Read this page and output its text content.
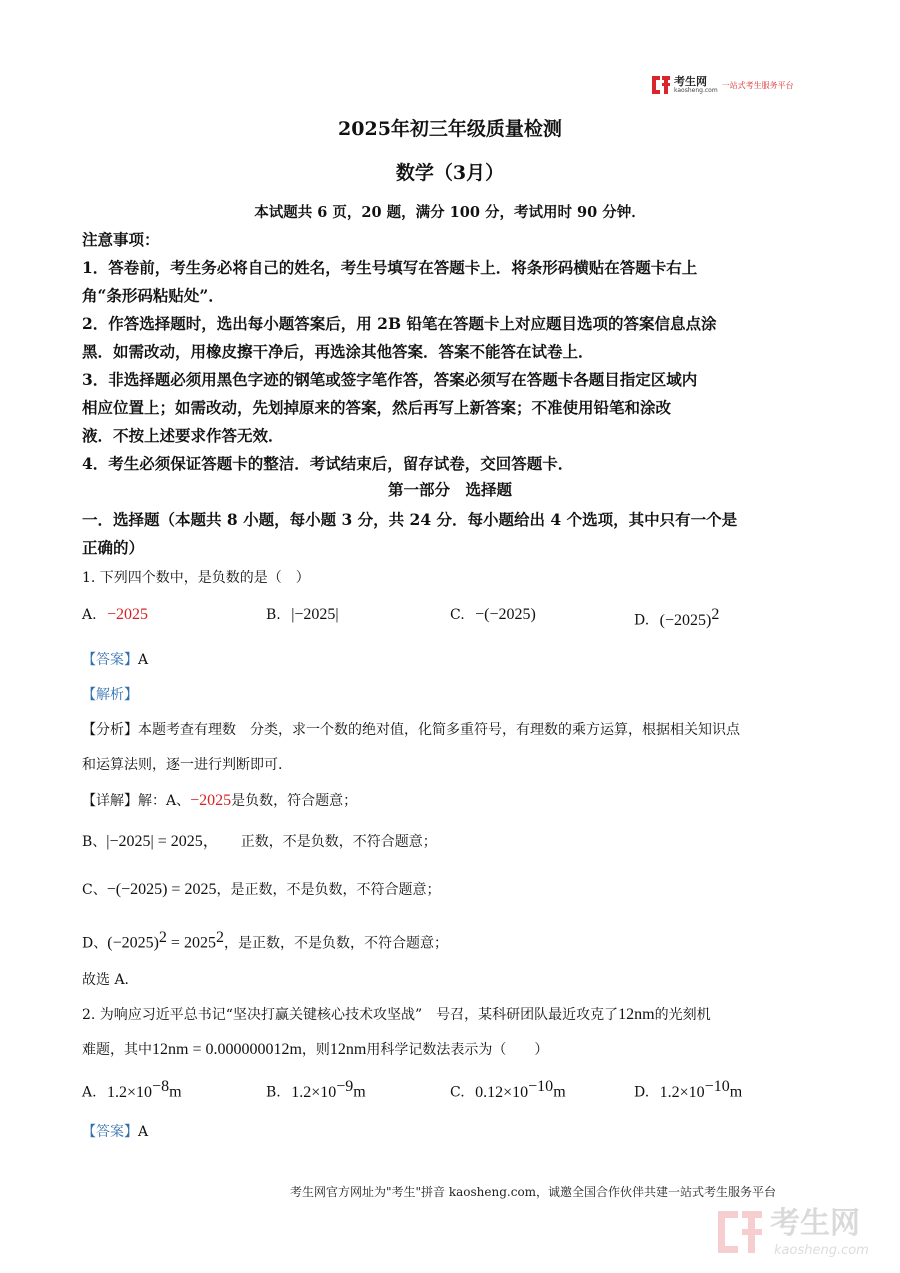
考生网
kaosheng.com
一站式考生服务平台
2025年初三年级质量检测
数学（3月）
本试题共 6 页，20 题，满分 100 分，考试用时 90 分钟．
注意事项：
1．答卷前，考生务必将自己的姓名，考生号填写在答题卡上．将条形码横贴在答题卡右上
角“条形码粘贴处”．
2．作答选择题时，选出每小题答案后，用 2B 铅笔在答题卡上对应题目选项的答案信息点涂
黑．如需改动，用橡皮擦干净后，再选涂其他答案．答案不能答在试卷上．
3．非选择题必须用黑色字迹的钢笔或签字笔作答，答案必须写在答题卡各题目指定区域内
相应位置上；如需改动，先划掉原来的答案，然后再写上新答案；不准使用铅笔和涂改
液．不按上述要求作答无效．
4．考生必须保证答题卡的整洁．考试结束后，留存试卷，交回答题卡．
第一部分　选择题
一．选择题（本题共 8 小题，每小题 3 分，共 24 分．每小题给出 4 个选项，其中只有一个是
正确的）
1. 下列四个数中，是负数的是（　）
A. −2025	B. |−2025|	C. −(−2025)	D. $(-2025)^2$
【答案】A
【解析】
【分析】本题考查有理数　分类，求一个数的绝对值，化简多重符号，有理数的乘方运算，根据相关知识点
和运算法则，逐一进行判断即可.
【详解】解：A、−2025是负数，符合题意；
B、|−2025| = 2025， 正数，不是负数，不符合题意；
C、−(−2025) = 2025，是正数，不是负数，不符合题意；
D、$(-2025)^2 = 2025^2$，是正数，不是负数，不符合题意；
故选 A．
2. 为响应习近平总书记“坚决打赢关键核心技术攻坚战”　号召，某科研团队最近攻克了12nm的光刻机
难题，其中12nm = 0.000000012m，则12nm用科学记数法表示为（　　）
A. $1.2\times 10^{-8}m$	B. $1.2\times 10^{-9}m$	C. $0.12\times 10^{-10}m$	D. $1.2\times 10^{-10}m$
【答案】A
考生网官方网址为"考生"拼音 kaosheng.com，诚邀全国合作伙伴共建一站式考生服务平台
考生网
kaosheng.com
